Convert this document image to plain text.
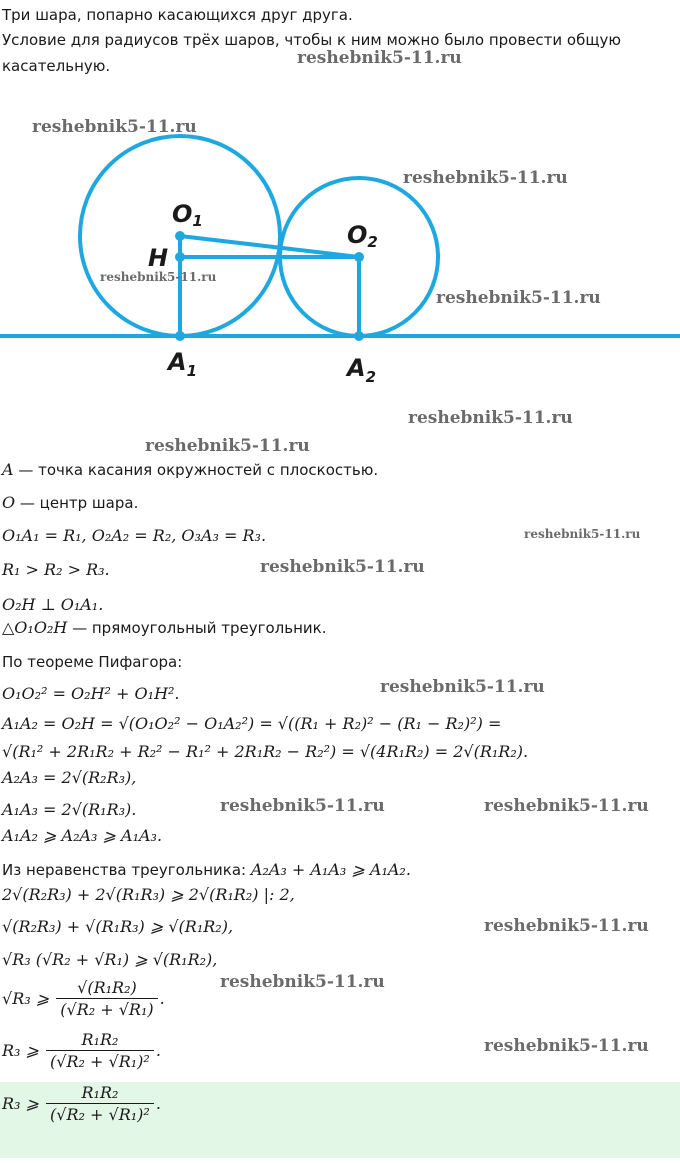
Три шара, попарно касающихся друг друга.
Условие для радиусов трёх шаров, чтобы к ним можно было провести общую
касательную.
O1	O2
H
$A_1$	$A_2$
A — точка касания окружностей с плоскостью.
O — центр шара.
O₁A₁ = R₁, O₂A₂ = R₂, O₃A₃ = R₃.
R₁ > R₂ > R₃.
O₂H ⊥ O₁A₁.
△O₁O₂H — прямоугольный треугольник.
По теореме Пифагора:
O₁O₂² = O₂H² + O₁H².
A₁A₂ = O₂H = √(O₁O₂² − O₁A₂²) = √((R₁ + R₂)² − (R₁ − R₂)²) =
√(R₁² + 2R₁R₂ + R₂² − R₁² + 2R₁R₂ − R₂²) = √(4R₁R₂) = 2√(R₁R₂).
A₂A₃ = 2√(R₂R₃),
A₁A₃ = 2√(R₁R₃).
A₁A₂ ⩾ A₂A₃ ⩾ A₁A₃.
Из неравенства треугольника: A₂A₃ + A₁A₃ ⩾ A₁A₂.
2√(R₂R₃) + 2√(R₁R₃) ⩾ 2√(R₁R₂) |: 2,
√(R₂R₃) + √(R₁R₃) ⩾ √(R₁R₂),
√R₃ (√R₂ + √R₁) ⩾ √(R₁R₂),
√R₃ ⩾ $\frac{\text{√(R₁R₂)}}{\text{(√R₂ + √R₁)}}$ .
R₃ ⩾ $\frac{\text{R₁R₂}}{\text{(√R₂ + √R₁)²}}$ .
R₃ ⩾ $\frac{\text{R₁R₂}}{\text{(√R₂ + √R₁)²}}$ .
reshebnik5-11.ru
reshebnik5-11.ru
reshebnik5-11.ru
reshebnik5-11.ru
reshebnik5-11.ru
reshebnik5-11.ru
reshebnik5-11.ru
reshebnik5-11.ru
reshebnik5-11.ru
reshebnik5-11.ru
reshebnik5-11.ru	reshebnik5-11.ru
reshebnik5-11.ru
reshebnik5-11.ru
reshebnik5-11.ru
